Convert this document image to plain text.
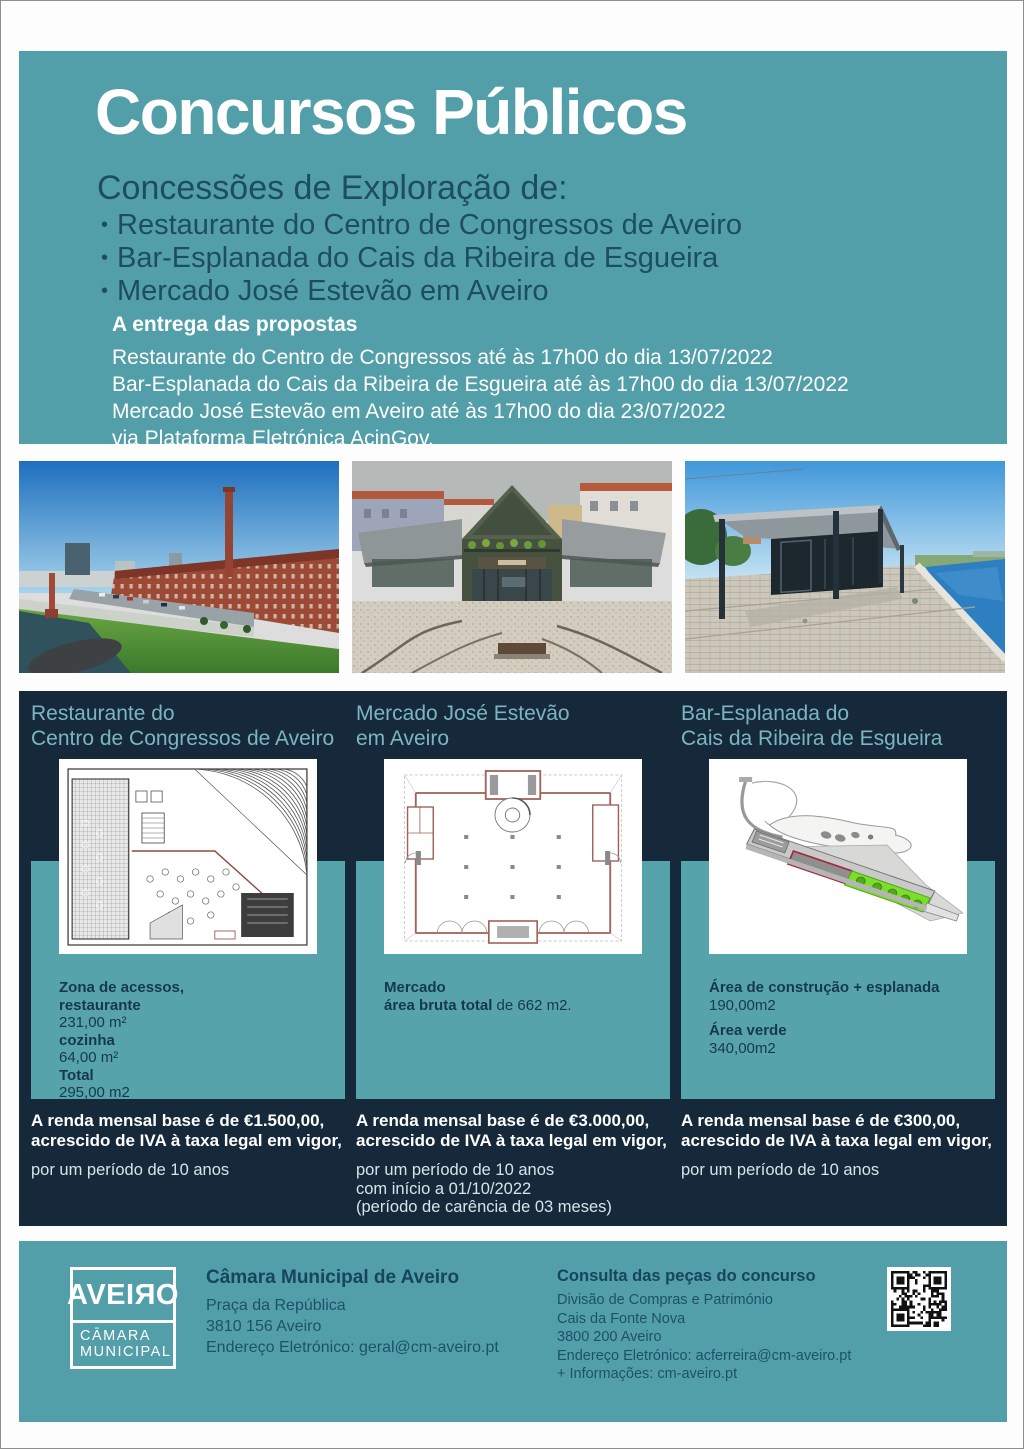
Concursos Públicos

Concessões de Exploração de:

• Restaurante do Centro de Congressos de Aveiro
• Bar-Esplanada do Cais da Ribeira de Esgueira
• Mercado José Estevão em Aveiro

A entrega das propostas

Restaurante do Centro de Congressos até às 17h00 do dia 13/07/2022

Bar-Esplanada do Cais da Ribeira de Esgueira até às 17h00 do dia 13/07/2022

Mercado José Estevão em Aveiro até às 17h00 do dia 23/07/2022

via Plataforma Eletrónica AcinGov.

Restaurante do
Centro de Congressos de Aveiro

Zona de acessos,

restaurante

231,00 m²

cozinha

64,00 m²

Total

295,00 m2

A renda mensal base é de €1.500,00,
acrescido de IVA à taxa legal em vigor,

por um período de 10 anos

Mercado José Estevão
em Aveiro

Mercado

área bruta total de 662 m2.

A renda mensal base é de €3.000,00,
acrescido de IVA à taxa legal em vigor,

por um período de 10 anos
com início a 01/10/2022
(período de carência de 03 meses)

Bar-Esplanada do
Cais da Ribeira de Esgueira

Área de construção + esplanada

190,00m2

Área verde

340,00m2

A renda mensal base é de €300,00,
acrescido de IVA à taxa legal em vigor,

por um período de 10 anos

AVEIЯO
CĀMARA
MUNICIPAL

Câmara Municipal de Aveiro

Praça da República

3810 156 Aveiro

Endereço Eletrónico: geral@cm-aveiro.pt

Consulta das peças do concurso

Divisão de Compras e Património

Cais da Fonte Nova

3800 200 Aveiro

Endereço Eletrónico: acferreira@cm-aveiro.pt

+ Informações: cm-aveiro.pt
